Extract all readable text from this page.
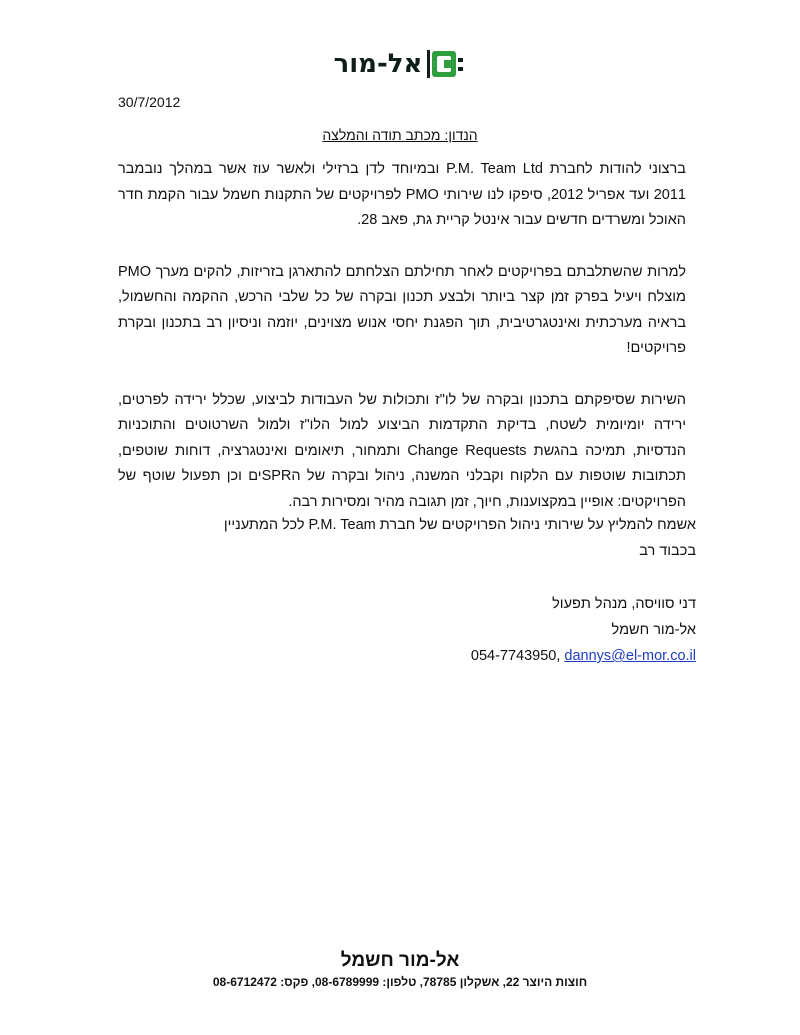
אל-מור
30/7/2012
הנדון: מכתב תודה והמלצה

ברצוני להודות לחברת P.M. Team Ltd ובמיוחד לדן ברזילי ולאשר עוז אשר במהלך נובמבר 2011 ועד אפריל 2012, סיפקו לנו שירותי PMO לפרויקטים של התקנות חשמל עבור הקמת חדר האוכל ומשרדים חדשים עבור אינטל קריית גת, פאב 28.

למרות שהשתלבתם בפרויקטים לאחר תחילתם הצלחתם להתארגן בזריזות, להקים מערך PMO מוצלח ויעיל בפרק זמן קצר ביותר ולבצע תכנון ובקרה של כל שלבי הרכש, ההקמה והחשמול, בראיה מערכתית ואינטגרטיבית, תוך הפגנת יחסי אנוש מצוינים, יוזמה וניסיון רב בתכנון ובקרת פרויקטים!

השירות שסיפקתם בתכנון ובקרה של לו"ז ותכולות של העבודות לביצוע, שכלל ירידה לפרטים, ירידה יומיומית לשטח, בדיקת התקדמות הביצוע למול הלו"ז ולמול השרטוטים והתוכניות הנדסיות, תמיכה בהגשת Change Requests ותמחור, תיאומים ואינטגרציה, דוחות שוטפים, תכתובות שוטפות עם הלקוח וקבלני המשנה, ניהול ובקרה של הSPRים וכן תפעול שוטף של הפרויקטים: אופיין במקצוענות, חיוך, זמן תגובה מהיר ומסירות רבה.

אשמח להמליץ על שירותי ניהול הפרויקטים של חברת P.M. Team לכל המתעניין

בכבוד רב

דני סוויסה, מנהל תפעול

אל-מור חשמל

054-7743950, dannys@el-mor.co.il

אל-מור חשמל
חוצות היוצר 22, אשקלון 78785, טלפון: 08-6789999, פקס: 08-6712472
